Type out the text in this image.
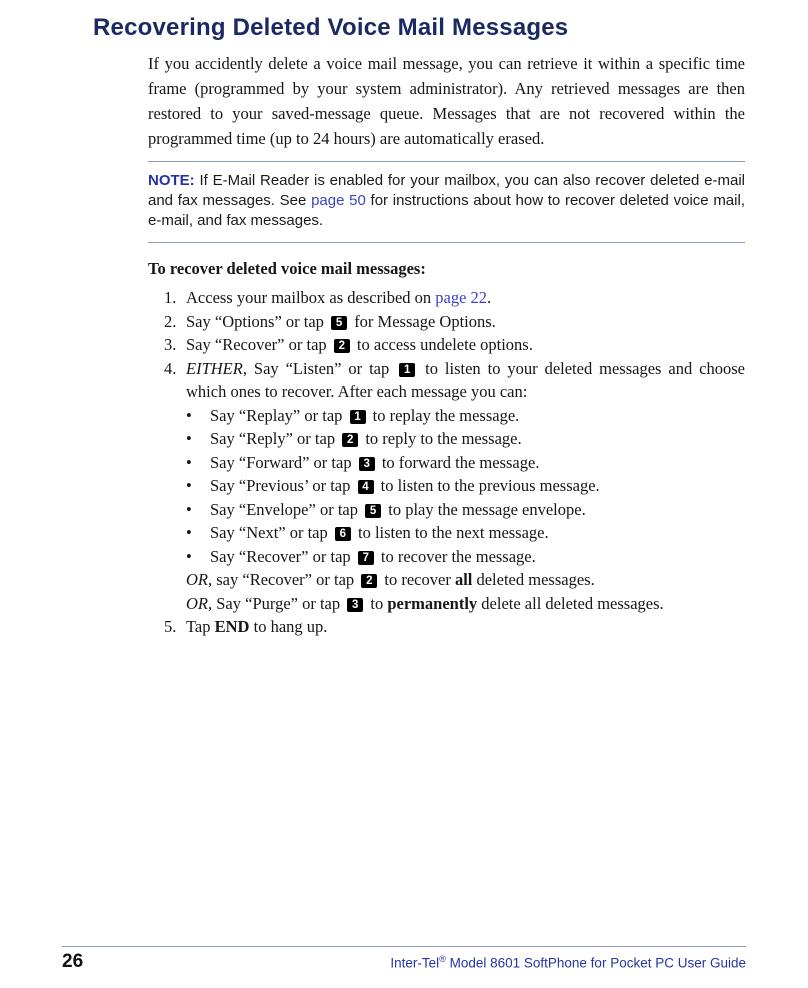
Recovering Deleted Voice Mail Messages

If you accidently delete a voice mail message, you can retrieve it within a specific time frame (programmed by your system administrator). Any retrieved messages are then restored to your saved-message queue. Messages that are not recovered within the programmed time (up to 24 hours) are automatically erased.

NOTE: If E-Mail Reader is enabled for your mailbox, you can also recover deleted e-mail and fax messages. See page 50 for instructions about how to recover deleted voice mail, e-mail, and fax messages.

To recover deleted voice mail messages:

1. Access your mailbox as described on page 22.
2. Say “Options” or tap 5 for Message Options.
3. Say “Recover” or tap 2 to access undelete options.
4. EITHER, Say “Listen” or tap 1 to listen to your deleted messages and choose which ones to recover. After each message you can:
•	Say “Replay” or tap 1 to replay the message.
•	Say “Reply” or tap 2 to reply to the message.
•	Say “Forward” or tap 3 to forward the message.
•	Say “Previous’ or tap 4 to listen to the previous message.
•	Say “Envelope” or tap 5 to play the message envelope.
•	Say “Next” or tap 6 to listen to the next message.
•	Say “Recover” or tap 7 to recover the message.
OR, say “Recover” or tap 2 to recover all deleted messages.
OR, Say “Purge” or tap 3 to permanently delete all deleted messages.
5. Tap END to hang up.
26	Inter-Tel® Model 8601 SoftPhone for Pocket PC User Guide
